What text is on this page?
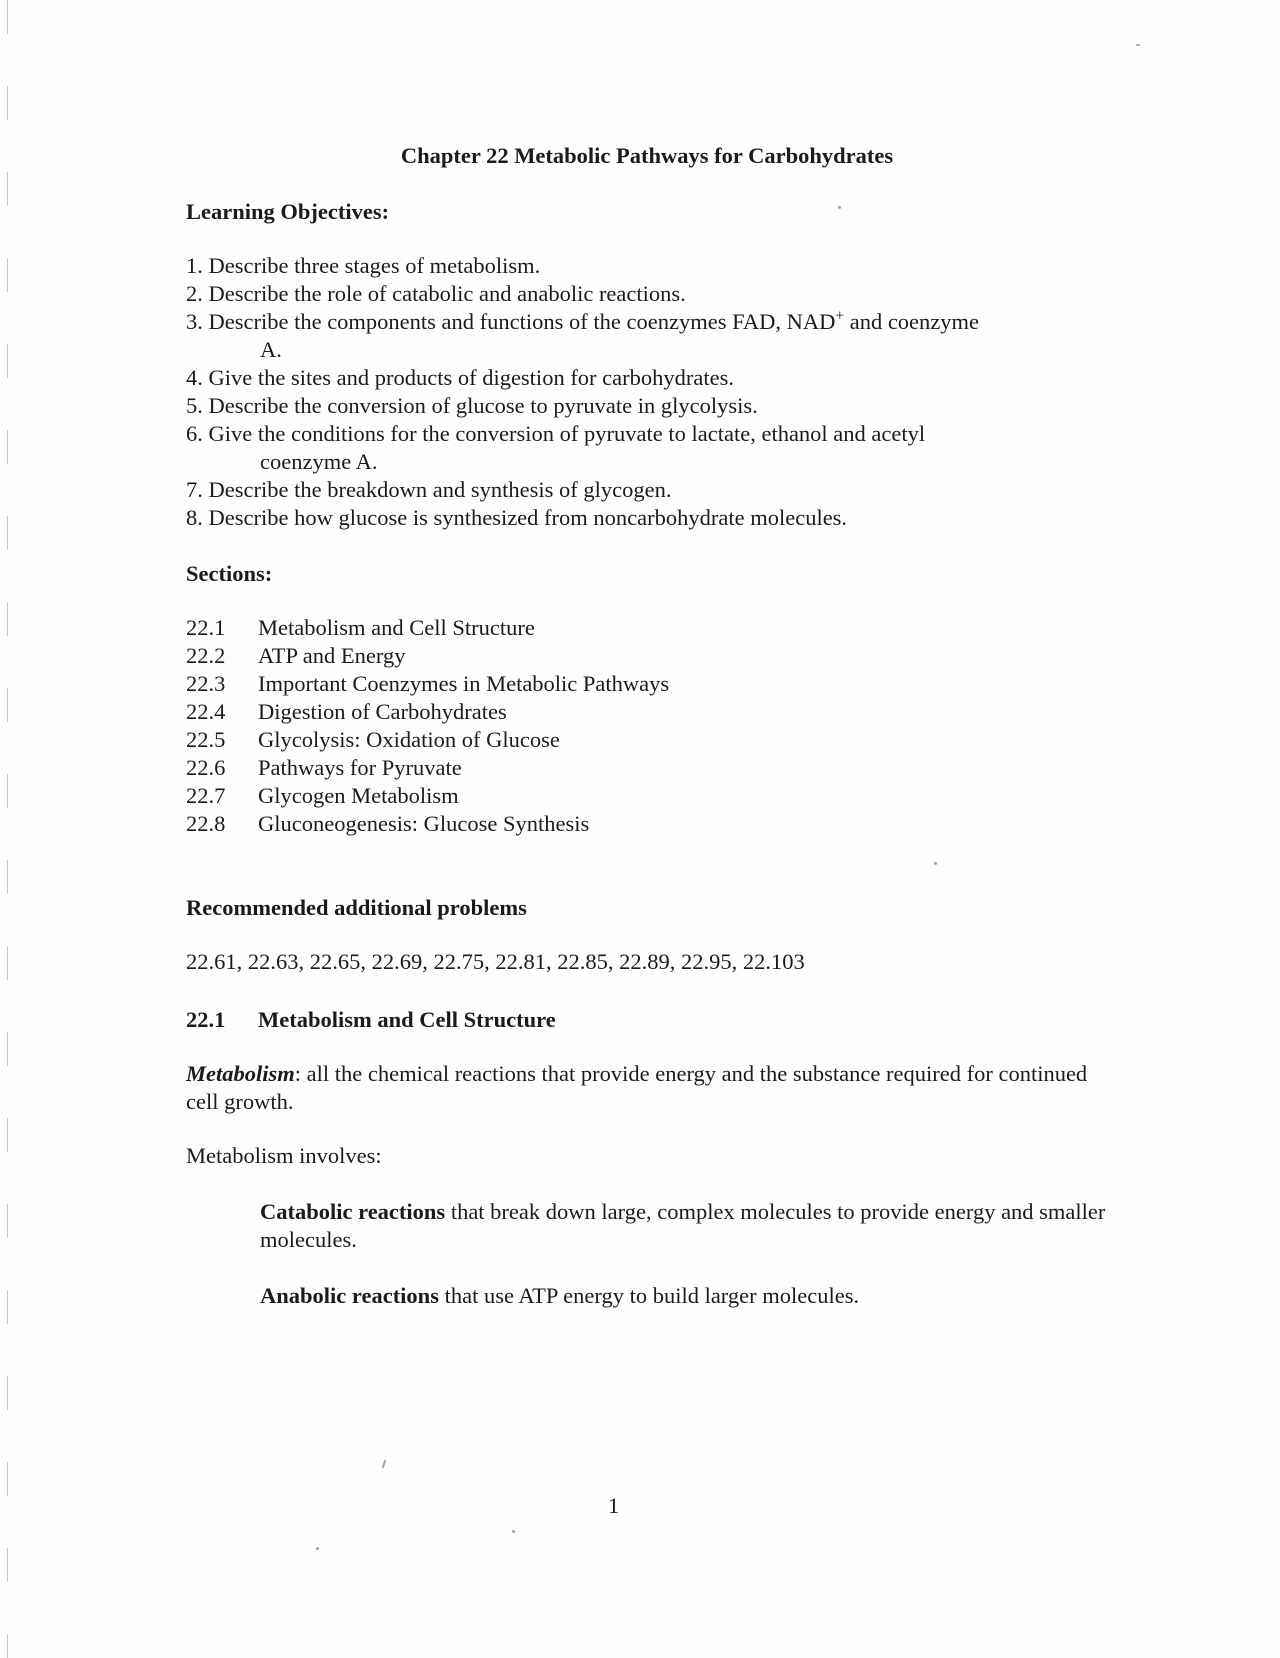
Chapter 22 Metabolic Pathways for Carbohydrates
Learning Objectives:
1. Describe three stages of metabolism.
2. Describe the role of catabolic and anabolic reactions.
3. Describe the components and functions of the coenzymes FAD, NAD+ and coenzyme
A.
4. Give the sites and products of digestion for carbohydrates.
5. Describe the conversion of glucose to pyruvate in glycolysis.
6. Give the conditions for the conversion of pyruvate to lactate, ethanol and acetyl
coenzyme A.
7. Describe the breakdown and synthesis of glycogen.
8. Describe how glucose is synthesized from noncarbohydrate molecules.
Sections:
22.1	Metabolism and Cell Structure
22.2	ATP and Energy
22.3	Important Coenzymes in Metabolic Pathways
22.4	Digestion of Carbohydrates
22.5	Glycolysis: Oxidation of Glucose
22.6	Pathways for Pyruvate
22.7	Glycogen Metabolism
22.8	Gluconeogenesis: Glucose Synthesis
Recommended additional problems
22.61, 22.63, 22.65, 22.69, 22.75, 22.81, 22.85, 22.89, 22.95, 22.103
22.1 Metabolism and Cell Structure
Metabolism: all the chemical reactions that provide energy and the substance required for continued cell growth.
Metabolism involves:
Catabolic reactions that break down large, complex molecules to provide energy and smaller molecules.
Anabolic reactions that use ATP energy to build larger molecules.
1
